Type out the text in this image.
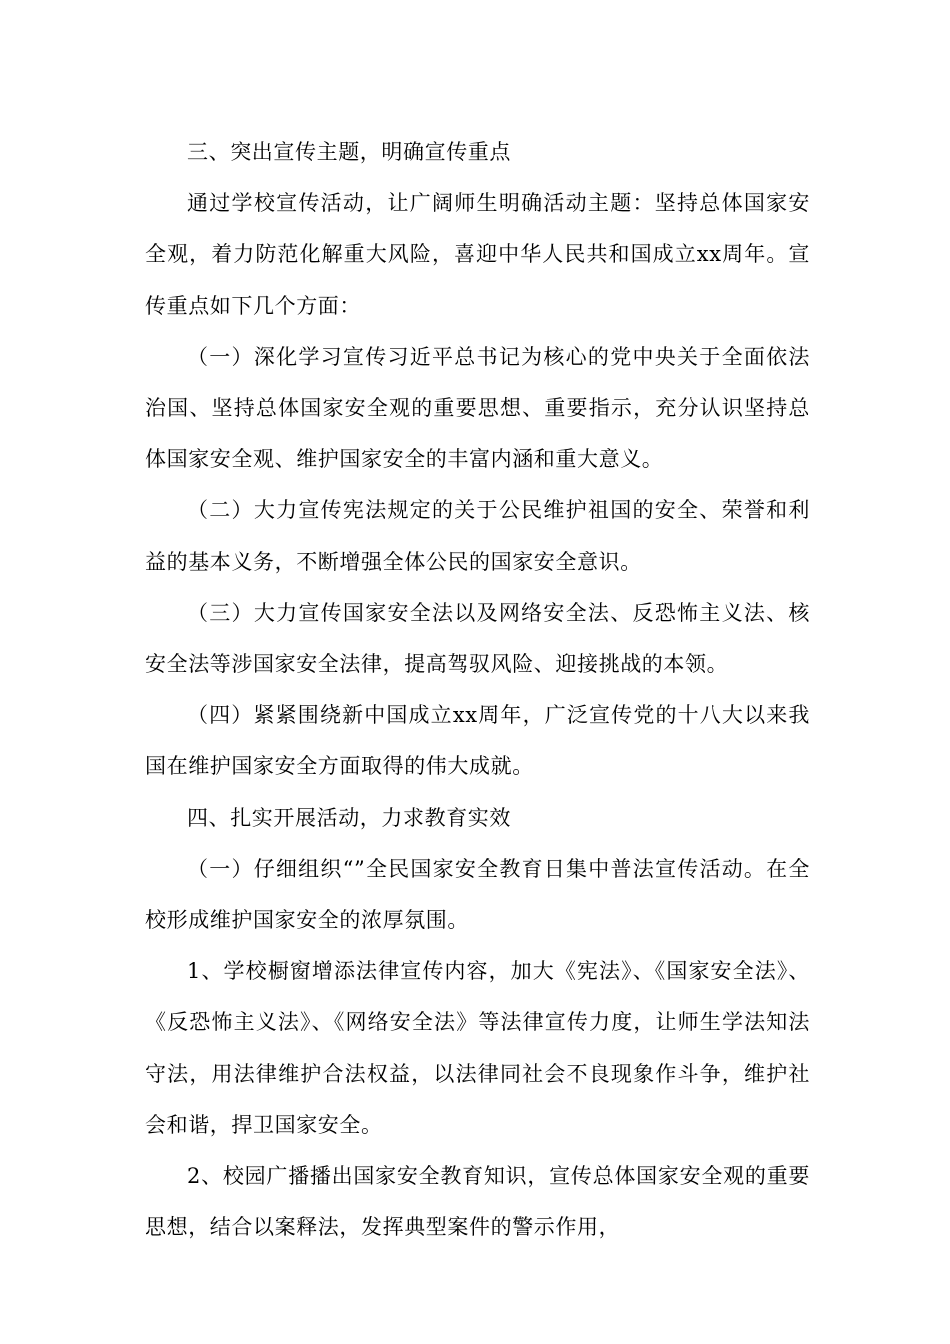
三、突出宣传主题，明确宣传重点

通过学校宣传活动，让广阔师生明确活动主题：坚持总体国家安全观，着力防范化解重大风险，喜迎中华人民共和国成立xx周年。宣传重点如下几个方面：

（一）深化学习宣传习近平总书记为核心的党中央关于全面依法治国、坚持总体国家安全观的重要思想、重要指示，充分认识坚持总体国家安全观、维护国家安全的丰富内涵和重大意义。

（二）大力宣传宪法规定的关于公民维护祖国的安全、荣誉和利益的基本义务，不断增强全体公民的国家安全意识。

（三）大力宣传国家安全法以及网络安全法、反恐怖主义法、核安全法等涉国家安全法律，提高驾驭风险、迎接挑战的本领。

（四）紧紧围绕新中国成立xx周年，广泛宣传党的十八大以来我国在维护国家安全方面取得的伟大成就。

四、扎实开展活动，力求教育实效

（一）仔细组织“”全民国家安全教育日集中普法宣传活动。在全校形成维护国家安全的浓厚氛围。

1、学校橱窗增添法律宣传内容，加大《宪法》、《国家安全法》、《反恐怖主义法》、《网络安全法》等法律宣传力度，让师生学法知法守法，用法律维护合法权益，以法律同社会不良现象作斗争，维护社会和谐，捍卫国家安全。

2、校园广播播出国家安全教育知识，宣传总体国家安全观的重要思想，结合以案释法，发挥典型案件的警示作用，
